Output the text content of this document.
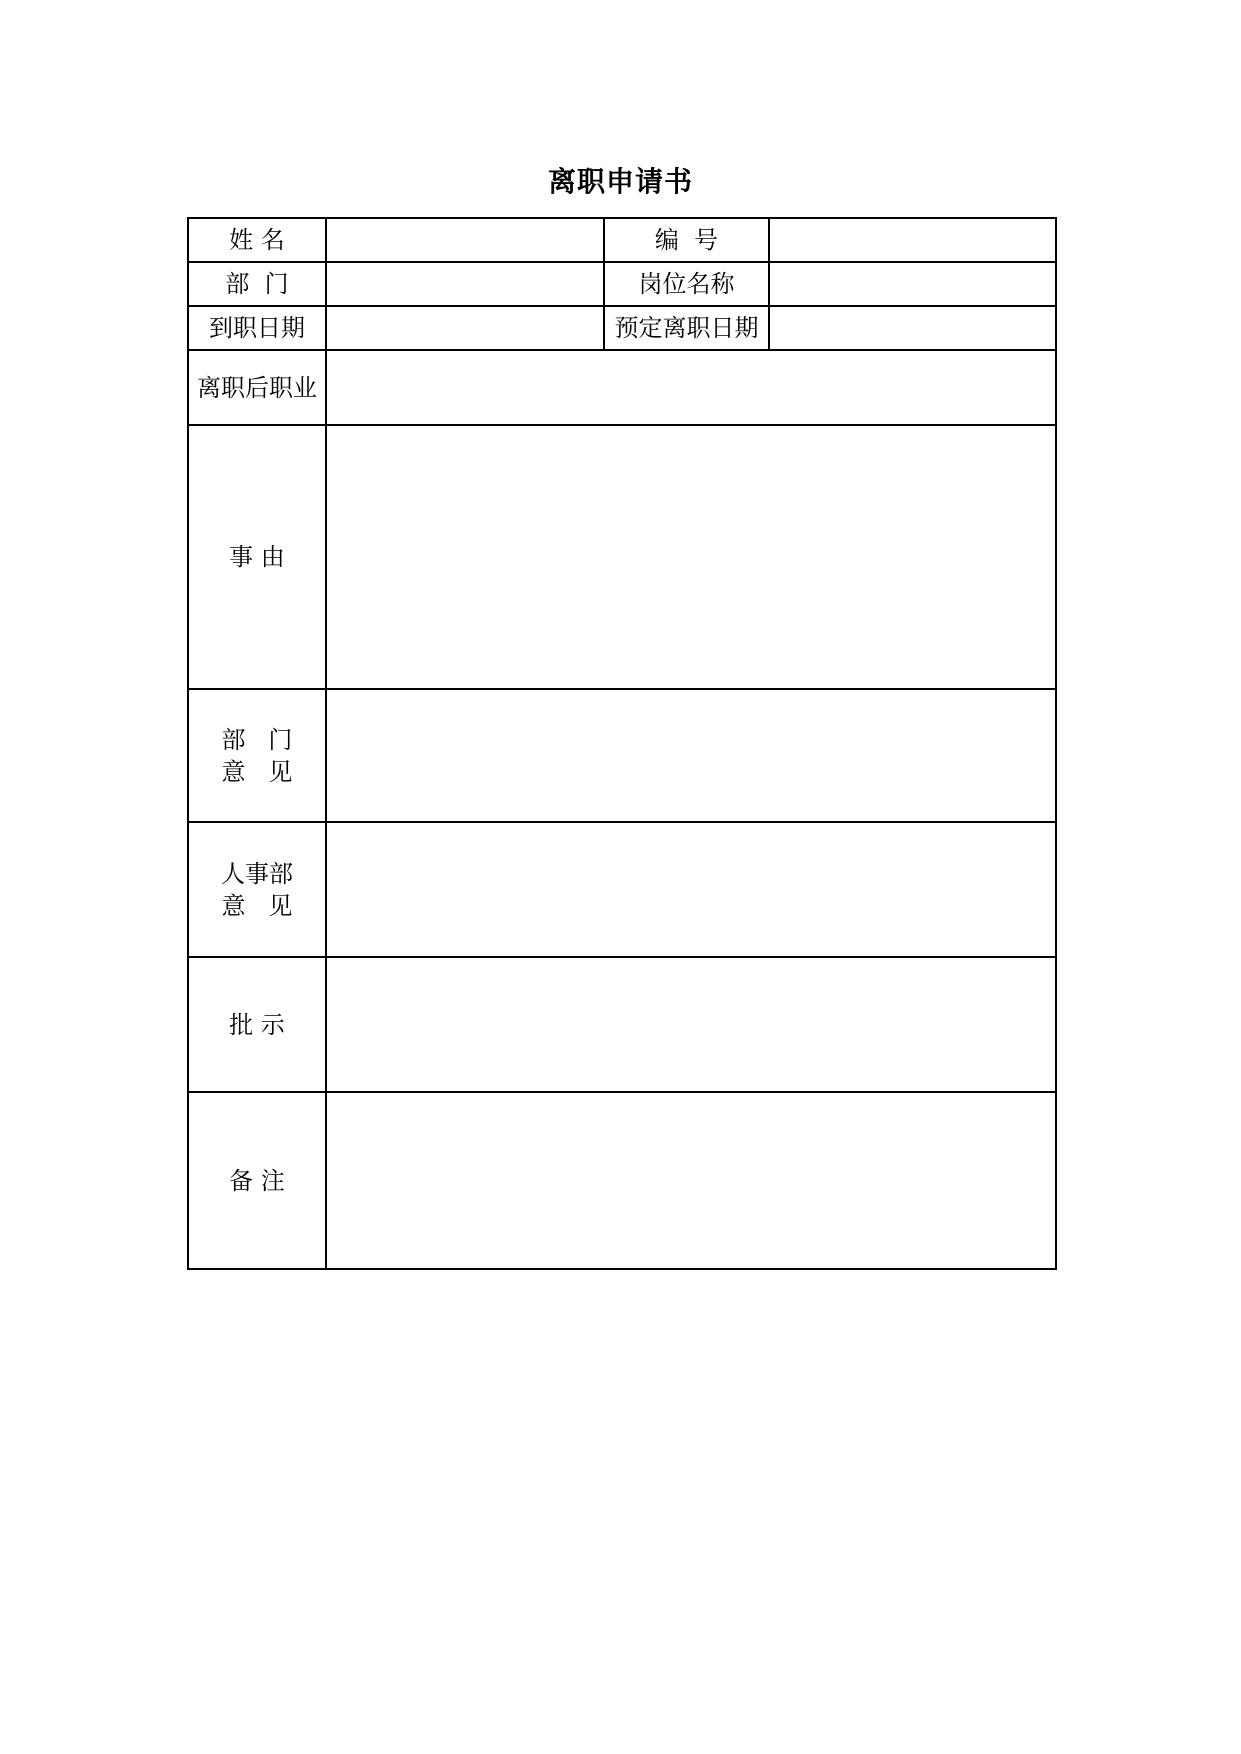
离职申请书
姓 名		编  号	
部  门		岗位名称	
到职日期		预定离职日期	
离职后职业			
事 由			
部   门
意   见			
人事部
意   见			
批 示			
备 注			
